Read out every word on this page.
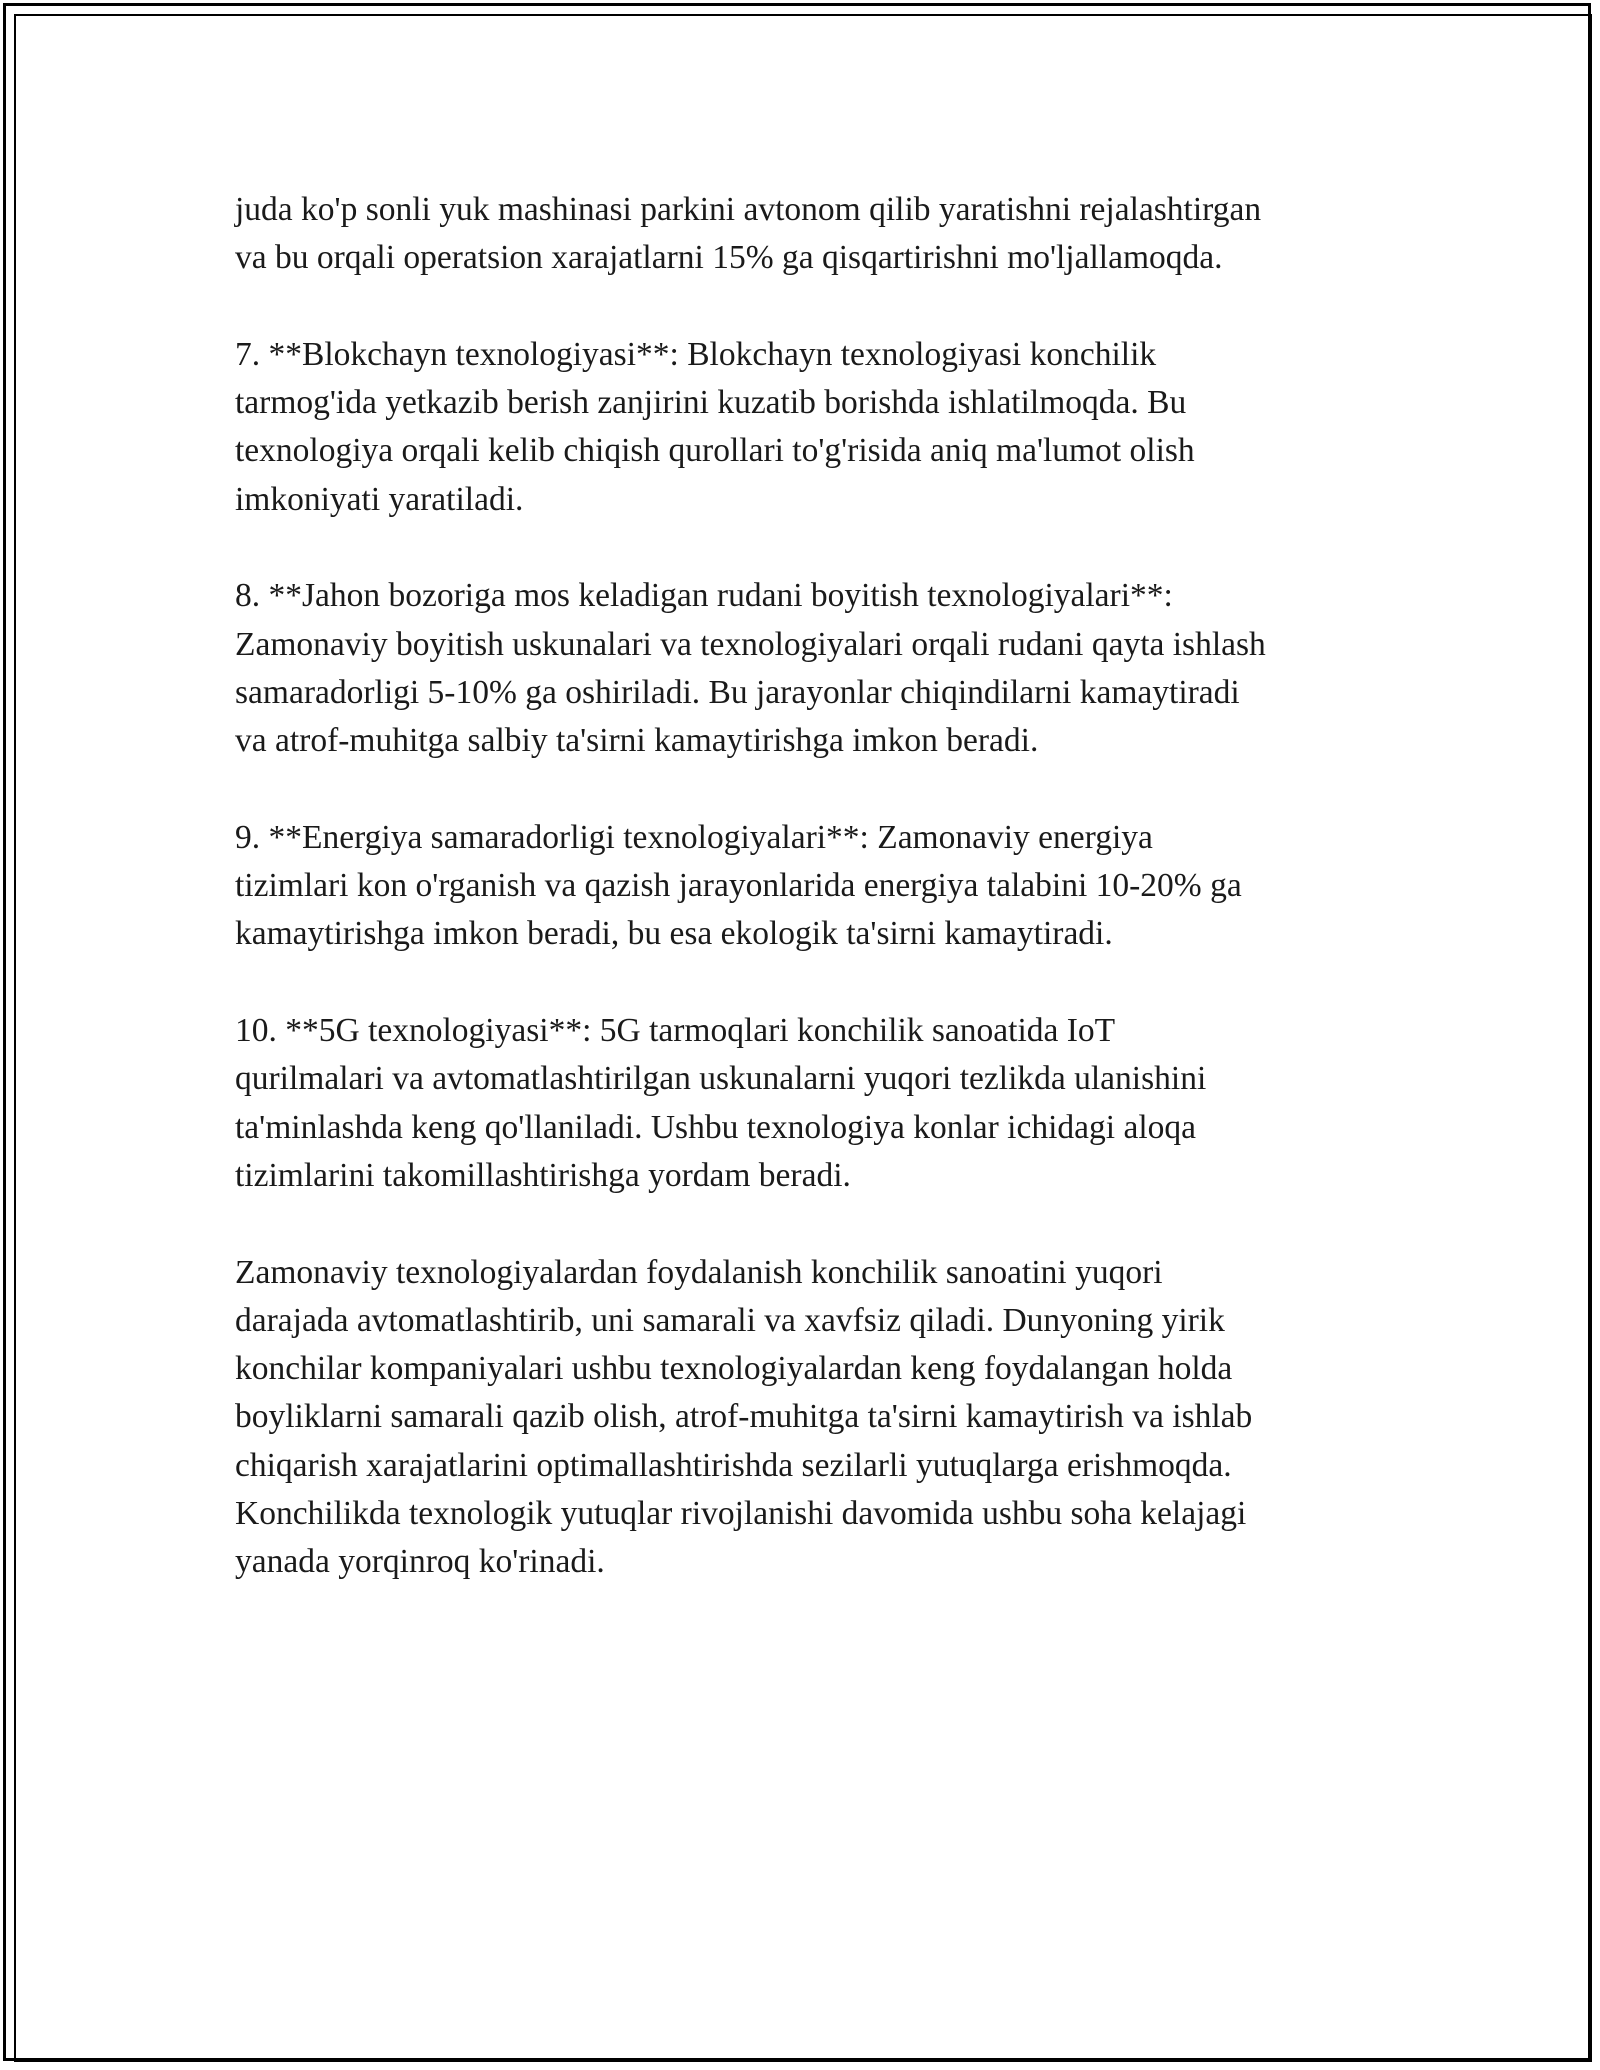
juda ko'p sonli yuk mashinasi parkini avtonom qilib yaratishni rejalashtirgan
va bu orqali operatsion xarajatlarni 15% ga qisqartirishni mo'ljallamoqda.

7. **Blokchayn texnologiyasi**: Blokchayn texnologiyasi konchilik
tarmog'ida yetkazib berish zanjirini kuzatib borishda ishlatilmoqda. Bu
texnologiya orqali kelib chiqish qurollari to'g'risida aniq ma'lumot olish
imkoniyati yaratiladi.

8. **Jahon bozoriga mos keladigan rudani boyitish texnologiyalari**:
Zamonaviy boyitish uskunalari va texnologiyalari orqali rudani qayta ishlash
samaradorligi 5-10% ga oshiriladi. Bu jarayonlar chiqindilarni kamaytiradi
va atrof-muhitga salbiy ta'sirni kamaytirishga imkon beradi.

9. **Energiya samaradorligi texnologiyalari**: Zamonaviy energiya
tizimlari kon o'rganish va qazish jarayonlarida energiya talabini 10-20% ga
kamaytirishga imkon beradi, bu esa ekologik ta'sirni kamaytiradi.

10. **5G texnologiyasi**: 5G tarmoqlari konchilik sanoatida IoT
qurilmalari va avtomatlashtirilgan uskunalarni yuqori tezlikda ulanishini
ta'minlashda keng qo'llaniladi. Ushbu texnologiya konlar ichidagi aloqa
tizimlarini takomillashtirishga yordam beradi.

Zamonaviy texnologiyalardan foydalanish konchilik sanoatini yuqori
darajada avtomatlashtirib, uni samarali va xavfsiz qiladi. Dunyoning yirik
konchilar kompaniyalari ushbu texnologiyalardan keng foydalangan holda
boyliklarni samarali qazib olish, atrof-muhitga ta'sirni kamaytirish va ishlab
chiqarish xarajatlarini optimallashtirishda sezilarli yutuqlarga erishmoqda.
Konchilikda texnologik yutuqlar rivojlanishi davomida ushbu soha kelajagi
yanada yorqinroq ko'rinadi.
